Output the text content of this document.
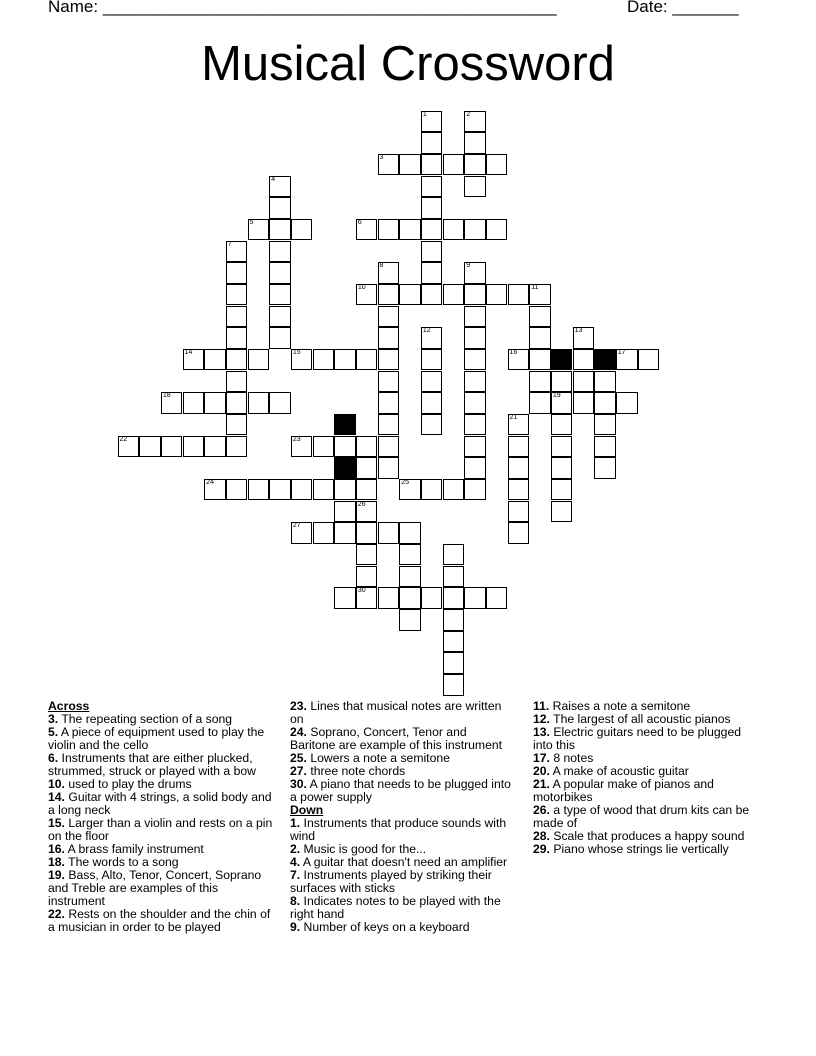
Name: ________________________________________________	Date: _______
Musical Crossword
1	2
3
4
5	6
7
8	9
10	11
12	13
14	15	16	17
18	19
20	21
22	23
24	25
26
27
30
Across
3. The repeating section of a song
5. A piece of equipment used to play the violin and the cello
6. Instruments that are either plucked, strummed, struck or played with a bow
10. used to play the drums
14. Guitar with 4 strings, a solid body and a long neck
15. Larger than a violin and rests on a pin on the floor
16. A brass family instrument
18. The words to a song
19. Bass, Alto, Tenor, Concert, Soprano and Treble are examples of this instrument
22. Rests on the shoulder and the chin of a musician in order to be played
23. Lines that musical notes are written on
24. Soprano, Concert, Tenor and Baritone are example of this instrument
25. Lowers a note a semitone
27. three note chords
30. A piano that needs to be plugged into a power supply
Down
1. Instruments that produce sounds with wind
2. Music is good for the...
4. A guitar that doesn't need an amplifier
7. Instruments played by striking their surfaces with sticks
8. Indicates notes to be played with the right hand
9. Number of keys on a keyboard
11. Raises a note a semitone
12. The largest of all acoustic pianos
13. Electric guitars need to be plugged into this
17. 8 notes
20. A make of acoustic guitar
21. A popular make of pianos and motorbikes
26. a type of wood that drum kits can be made of
28. Scale that produces a happy sound
29. Piano whose strings lie vertically
